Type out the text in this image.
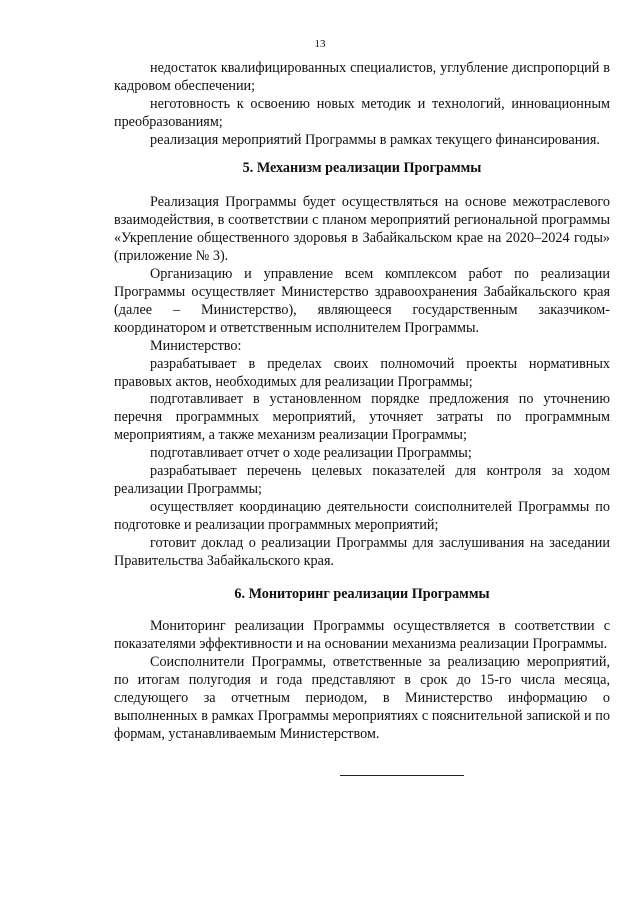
13

недостаток квалифицированных специалистов, углубление диспропорций в кадровом обеспечении;

неготовность к освоению новых методик и технологий, инновационным преобразованиям;

реализация мероприятий Программы в рамках текущего финансирования.

5. Механизм реализации Программы

Реализация Программы будет осуществляться на основе межотраслевого взаимодействия, в соответствии с планом мероприятий региональной программы «Укрепление общественного здоровья в Забайкальском крае на 2020–2024 годы» (приложение № 3).

Организацию и управление всем комплексом работ по реализации Программы осуществляет Министерство здравоохранения Забайкальского края (далее – Министерство), являющееся государственным заказчиком-координатором и ответственным исполнителем Программы.

Министерство:

разрабатывает в пределах своих полномочий проекты нормативных правовых актов, необходимых для реализации Программы;

подготавливает в установленном порядке предложения по уточнению перечня программных мероприятий, уточняет затраты по программным мероприятиям, а также механизм реализации Программы;

подготавливает отчет о ходе реализации Программы;

разрабатывает перечень целевых показателей для контроля за ходом реализации Программы;

осуществляет координацию деятельности соисполнителей Программы по подготовке и реализации программных мероприятий;

готовит доклад о реализации Программы для заслушивания на заседании Правительства Забайкальского края.

6. Мониторинг реализации Программы

Мониторинг реализации Программы осуществляется в соответствии с показателями эффективности и на основании механизма реализации Программы.

Соисполнители Программы, ответственные за реализацию мероприятий, по итогам полугодия и года представляют в срок до 15-го числа месяца, следующего за отчетным периодом, в Министерство информацию о выполненных в рамках Программы мероприятиях с пояснительной запиской и по формам, устанавливаемым Министерством.
